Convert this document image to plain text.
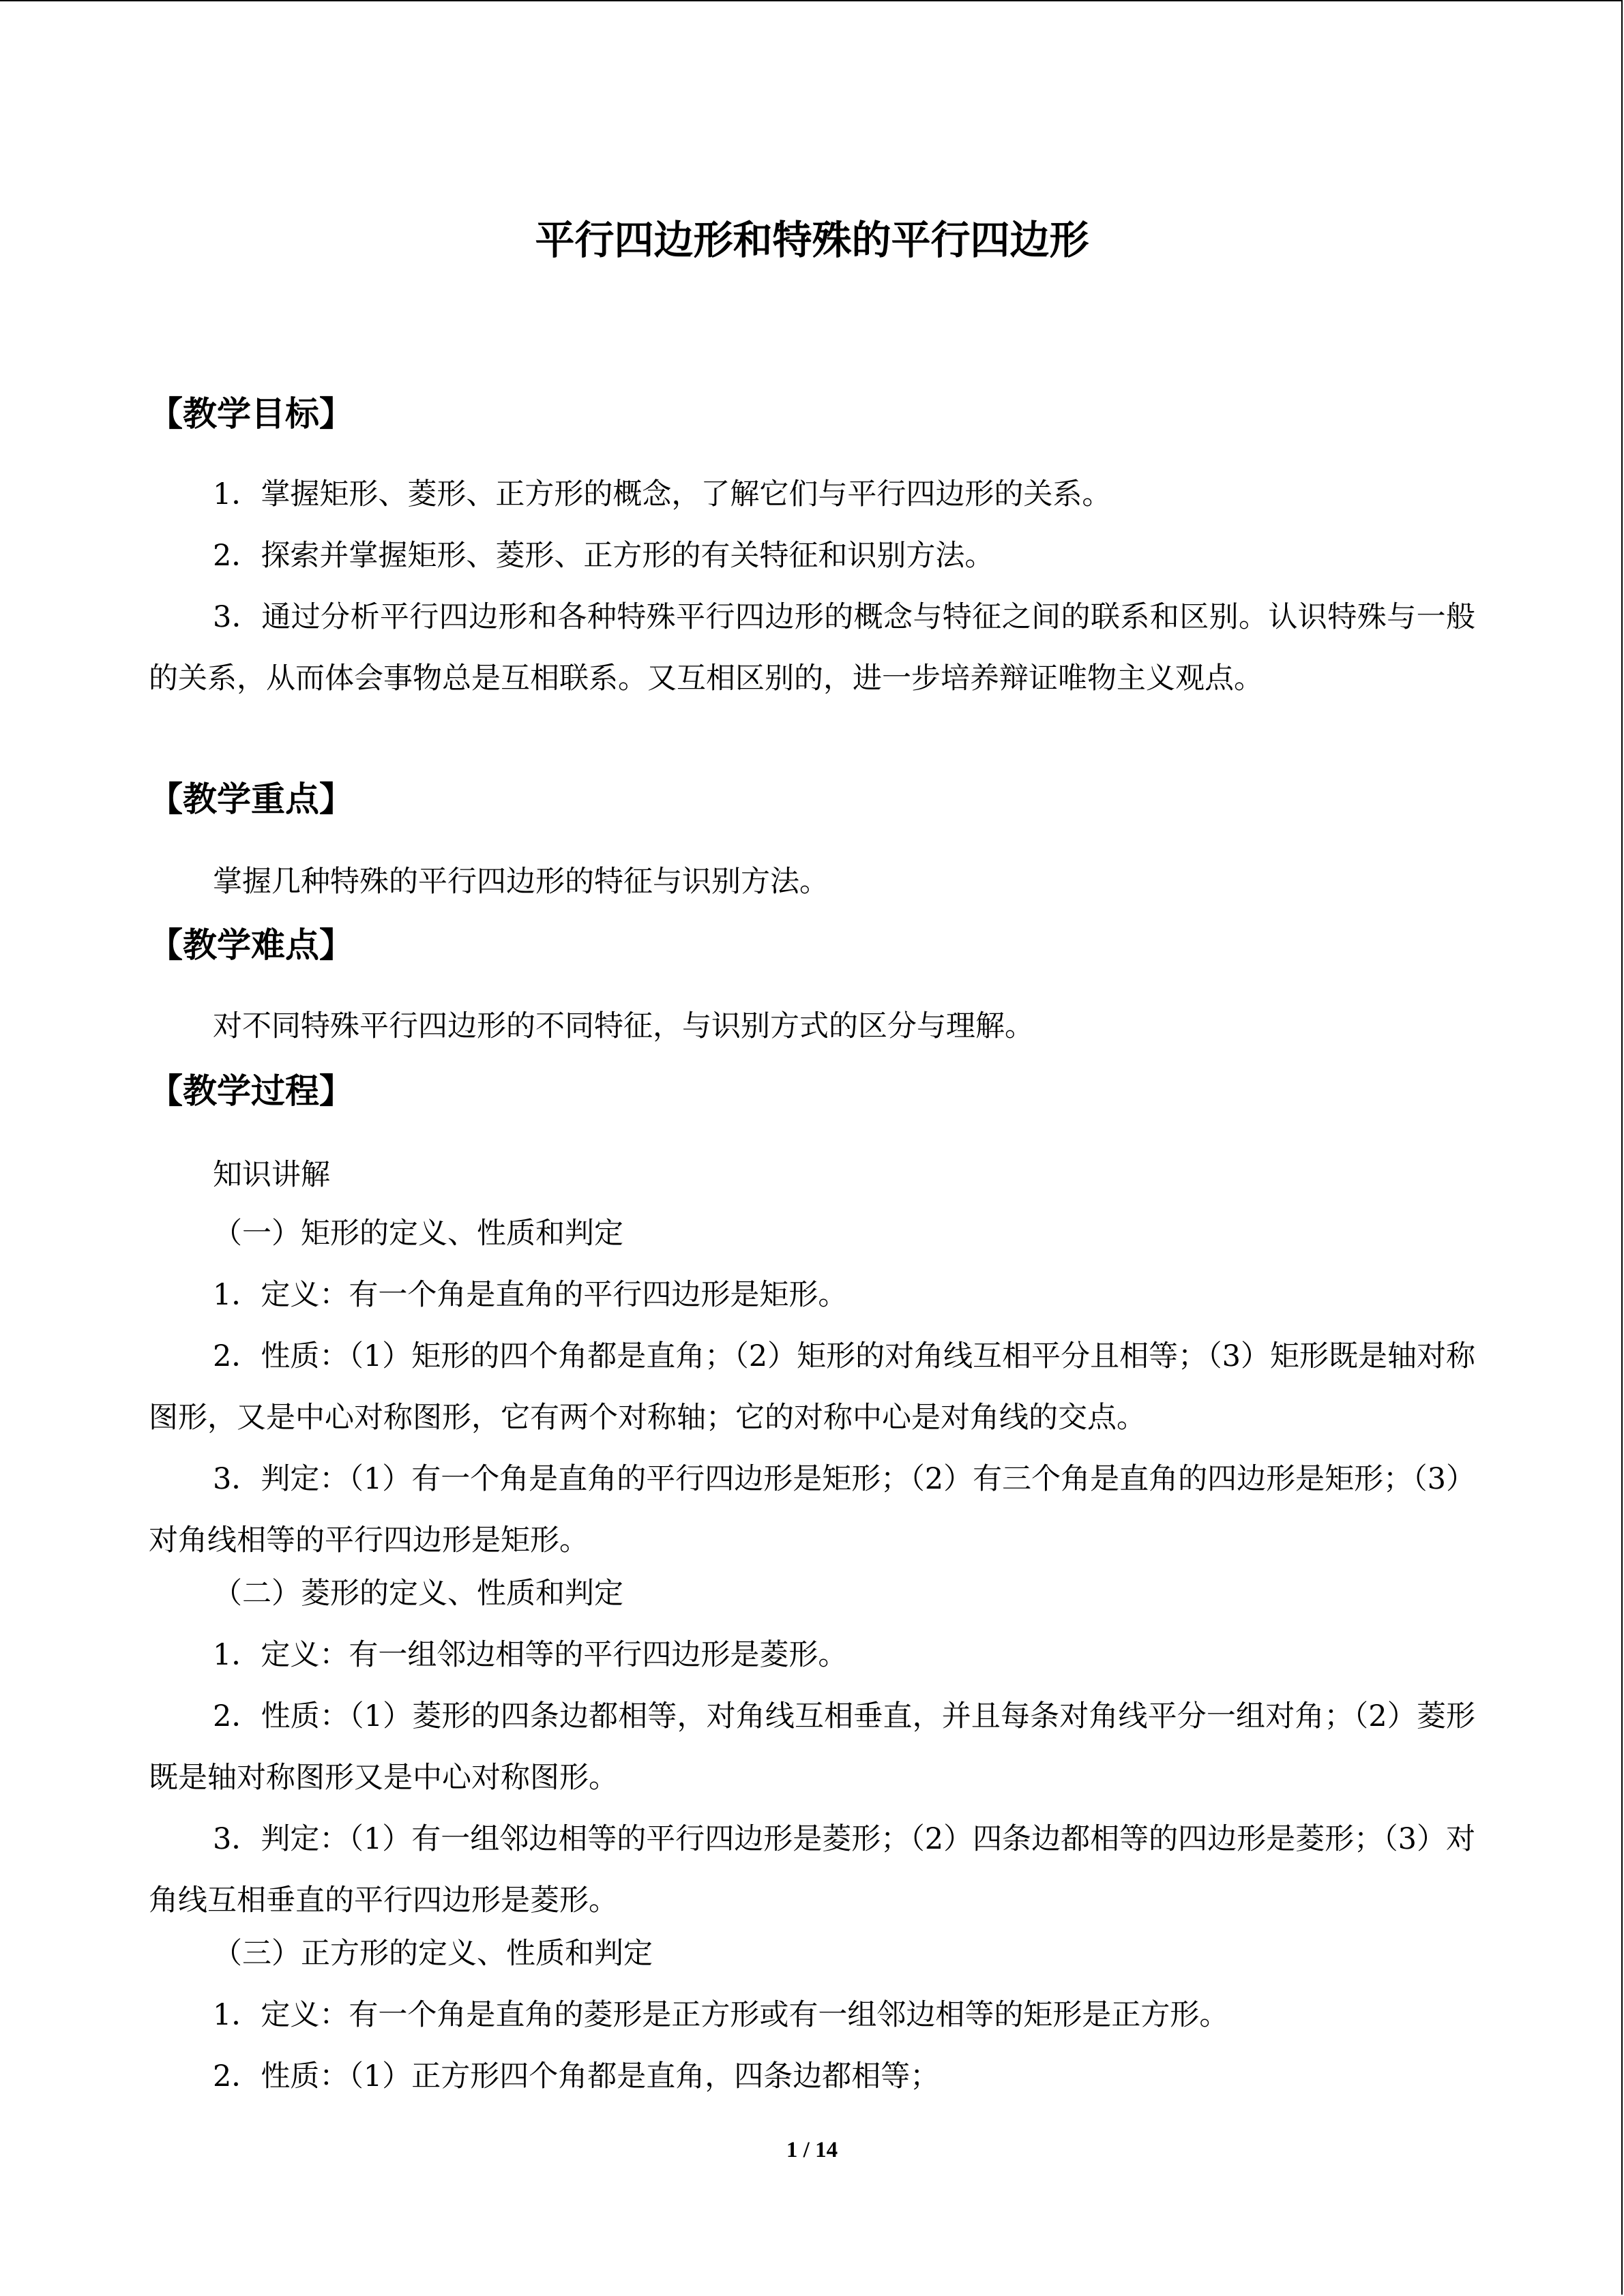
平行四边形和特殊的平行四边形
【教学目标】
1．掌握矩形、菱形、正方形的概念，了解它们与平行四边形的关系。
2．探索并掌握矩形、菱形、正方形的有关特征和识别方法。
3．通过分析平行四边形和各种特殊平行四边形的概念与特征之间的联系和区别。认识特殊与一般的关系，从而体会事物总是互相联系。又互相区别的，进一步培养辩证唯物主义观点。
【教学重点】
掌握几种特殊的平行四边形的特征与识别方法。
【教学难点】
对不同特殊平行四边形的不同特征，与识别方式的区分与理解。
【教学过程】
知识讲解
（一）矩形的定义、性质和判定
1．定义：有一个角是直角的平行四边形是矩形。
2．性质：（1）矩形的四个角都是直角；（2）矩形的对角线互相平分且相等；（3）矩形既是轴对称图形，又是中心对称图形，它有两个对称轴；它的对称中心是对角线的交点。
3．判定：（1）有一个角是直角的平行四边形是矩形；（2）有三个角是直角的四边形是矩形；（3）对角线相等的平行四边形是矩形。
（二）菱形的定义、性质和判定
1．定义：有一组邻边相等的平行四边形是菱形。
2．性质：（1）菱形的四条边都相等，对角线互相垂直，并且每条对角线平分一组对角；（2）菱形既是轴对称图形又是中心对称图形。
3．判定：（1）有一组邻边相等的平行四边形是菱形；（2）四条边都相等的四边形是菱形；（3）对角线互相垂直的平行四边形是菱形。
（三）正方形的定义、性质和判定
1．定义：有一个角是直角的菱形是正方形或有一组邻边相等的矩形是正方形。
2．性质：（1）正方形四个角都是直角，四条边都相等；
1 / 14
